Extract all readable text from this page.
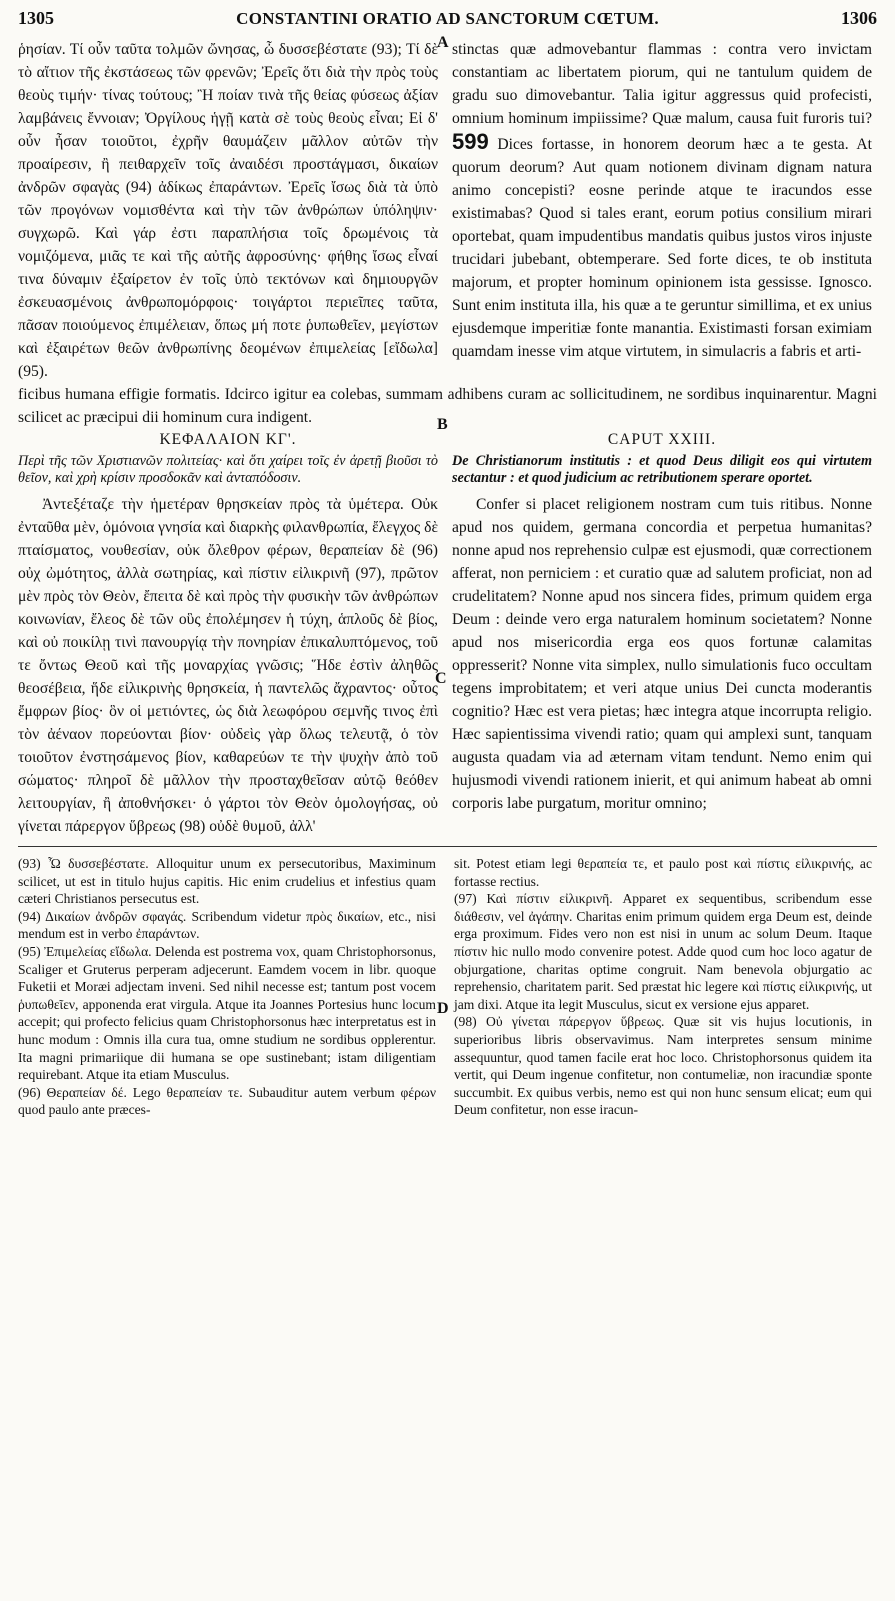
1305	CONSTANTINI ORATIO AD SANCTORUM CŒTUM.	1306
A
B
C
D

ῥησίαν. Τί οὖν ταῦτα τολμῶν ὤνησας, ὦ δυσσεβέστατε (93); Τί δὲ τὸ αἴτιον τῆς ἐκστάσεως τῶν φρενῶν; Ἐρεῖς ὅτι διὰ τὴν πρὸς τοὺς θεοὺς τιμήν· τίνας τούτους; Ἢ ποίαν τινὰ τῆς θείας φύσεως ἀξίαν λαμβάνεις ἔννοιαν; Ὀργίλους ἡγῇ κατὰ σὲ τοὺς θεοὺς εἶναι; Εἰ δ' οὖν ἦσαν τοιοῦτοι, ἐχρῆν θαυμάζειν μᾶλλον αὐτῶν τὴν προαίρεσιν, ἢ πειθαρχεῖν τοῖς ἀναιδέσι προστάγμασι, δικαίων ἀνδρῶν σφαγὰς (94) ἀδίκως ἐπαράντων. Ἐρεῖς ἴσως διὰ τὰ ὑπὸ τῶν προγόνων νομισθέντα καὶ τὴν τῶν ἀνθρώπων ὑπόληψιν· συγχωρῶ. Καὶ γάρ ἐστι παραπλήσια τοῖς δρωμένοις τὰ νομιζόμενα, μιᾶς τε καὶ τῆς αὐτῆς ἀφροσύνης· φήθης ἴσως εἶναί τινα δύναμιν ἐξαίρετον ἐν τοῖς ὑπὸ τεκτόνων καὶ δημιουργῶν ἐσκευασμένοις ἀνθρωπομόρφοις· τοιγάρτοι περιεῖπες ταῦτα, πᾶσαν ποιούμενος ἐπιμέλειαν, ὅπως μή ποτε ῥυπωθεῖεν, μεγίστων καὶ ἐξαιρέτων θεῶν ἀνθρωπίνης δεομένων ἐπιμελείας [εἴδωλα] (95).

stinctas quæ admovebantur flammas : contra vero invictam constantiam ac libertatem piorum, qui ne tantulum quidem de gradu suo dimovebantur. Talia igitur aggressus quid profecisti, omnium hominum impiissime? Quæ malum, causa fuit furoris tui? 599 Dices fortasse, in honorem deorum hæc a te gesta. At quorum deorum? Aut quam notionem divinam dignam natura animo concepisti? eosne perinde atque te iracundos esse existimabas? Quod si tales erant, eorum potius consilium mirari oportebat, quam impudentibus mandatis quibus justos viros injuste trucidari jubebant, obtemperare. Sed forte dices, te ob instituta majorum, et propter hominum opinionem ista gessisse. Ignosco. Sunt enim instituta illa, his quæ a te geruntur simillima, et ex unius ejusdemque imperitiæ fonte manantia. Existimasti forsan eximiam quamdam inesse vim atque virtutem, in simulacris a fabris et arti-

ficibus humana effigie formatis. Idcirco igitur ea colebas, summam adhibens curam ac sollicitudinem, ne sordibus inquinarentur. Magni scilicet ac præcipui dii hominum cura indigent.
ΚΕΦΑΛΑΙΟΝ ΚΓ'.
Περὶ τῆς τῶν Χριστιανῶν πολιτείας· καὶ ὅτι χαίρει τοῖς ἐν ἀρετῇ βιοῦσι τὸ θεῖον, καὶ χρὴ κρίσιν προσδοκᾶν καὶ ἀνταπόδοσιν.

Ἀντεξέταζε τὴν ἡμετέραν θρησκείαν πρὸς τὰ ὑμέτερα. Οὐκ ἐνταῦθα μὲν, ὁμόνοια γνησία καὶ διαρκὴς φιλανθρωπία, ἔλεγχος δὲ πταίσματος, νουθεσίαν, οὐκ ὄλεθρον φέρων, θεραπείαν δὲ (96) οὐχ ὠμότητος, ἀλλὰ σωτηρίας, καὶ πίστιν εἰλικρινῆ (97), πρῶτον μὲν πρὸς τὸν Θεὸν, ἔπειτα δὲ καὶ πρὸς τὴν φυσικὴν τῶν ἀνθρώπων κοινωνίαν, ἔλεος δὲ τῶν οὓς ἐπολέμησεν ἡ τύχη, ἁπλοῦς δὲ βίος, καὶ οὐ ποικίλῃ τινὶ πανουργίᾳ τὴν πονηρίαν ἐπικαλυπτόμενος, τοῦ τε ὄντως Θεοῦ καὶ τῆς μοναρχίας γνῶσις; Ἥδε ἐστὶν ἀληθῶς θεοσέβεια, ἥδε εἰλικρινὴς θρησκεία, ἡ παντελῶς ἄχραντος· οὗτος ἔμφρων βίος· ὃν οἱ μετιόντες, ὡς διὰ λεωφόρου σεμνῆς τινος ἐπὶ τὸν ἀέναον πορεύονται βίον· οὐδεὶς γὰρ ὅλως τελευτᾷ, ὁ τὸν τοιοῦτον ἐνστησάμενος βίον, καθαρεύων τε τὴν ψυχὴν ἀπὸ τοῦ σώματος· πληροῖ δὲ μᾶλλον τὴν προσταχθεῖσαν αὐτῷ θεόθεν λειτουργίαν, ἢ ἀποθνήσκει· ὁ γάρτοι τὸν Θεὸν ὁμολογήσας, οὐ γίνεται πάρεργον ὕβρεως (98) οὐδὲ θυμοῦ, ἀλλ'

CAPUT XXIII.
De Christianorum institutis : et quod Deus diligit eos qui virtutem sectantur : et quod judicium ac retributionem sperare oportet.

Confer si placet religionem nostram cum tuis ritibus. Nonne apud nos quidem, germana concordia et perpetua humanitas? nonne apud nos reprehensio culpæ est ejusmodi, quæ correctionem afferat, non perniciem : et curatio quæ ad salutem proficiat, non ad crudelitatem? Nonne apud nos sincera fides, primum quidem erga Deum : deinde vero erga naturalem hominum societatem? Nonne apud nos misericordia erga eos quos fortunæ calamitas oppresserit? Nonne vita simplex, nullo simulationis fuco occultam tegens improbitatem; et veri atque unius Dei cuncta moderantis cognitio? Hæc est vera pietas; hæc integra atque incorrupta religio. Hæc sapientissima vivendi ratio; quam qui amplexi sunt, tanquam augusta quadam via ad æternam vitam tendunt. Nemo enim qui hujusmodi vivendi rationem inierit, et qui animum habeat ab omni corporis labe purgatum, moritur omnino;

(93) Ὦ δυσσεβέστατε. Alloquitur unum ex persecutoribus, Maximinum scilicet, ut est in titulo hujus capitis. Hic enim crudelius et infestius quam cæteri Christianos persecutus est.

(94) Δικαίων ἀνδρῶν σφαγάς. Scribendum videtur πρὸς δικαίων, etc., nisi mendum est in verbo ἐπαράντων.

(95) Ἐπιμελείας εἴδωλα. Delenda est postrema vox, quam Christophorsonus, Scaliger et Gruterus perperam adjecerunt. Eamdem vocem in libr. quoque Fuketii et Moræi adjectam inveni. Sed nihil necesse est; tantum post vocem ῥυπωθεῖεν, apponenda erat virgula. Atque ita Joannes Portesius hunc locum accepit; qui profecto felicius quam Christophorsonus hæc interpretatus est in hunc modum : Omnis illa cura tua, omne studium ne sordibus opplerentur. Ita magni primariique dii humana se ope sustinebant; istam diligentiam requirebant. Atque ita etiam Musculus.

(96) Θεραπείαν δέ. Lego θεραπείαν τε. Subauditur autem verbum φέρων quod paulo ante præces-

sit. Potest etiam legi θεραπεία τε, et paulo post καὶ πίστις εἰλικρινής, ac fortasse rectius.

(97) Καὶ πίστιν εἰλικρινῆ. Apparet ex sequentibus, scribendum esse διάθεσιν, vel ἀγάπην. Charitas enim primum quidem erga Deum est, deinde erga proximum. Fides vero non est nisi in unum ac solum Deum. Itaque πίστιν hic nullo modo convenire potest. Adde quod cum hoc loco agatur de objurgatione, charitas optime congruit. Nam benevola objurgatio ac reprehensio, charitatem parit. Sed præstat hic legere καὶ πίστις εἰλικρινής, ut jam dixi. Atque ita legit Musculus, sicut ex versione ejus apparet.

(98) Οὐ γίνεται πάρεργον ὕβρεως. Quæ sit vis hujus locutionis, in superioribus libris observavimus. Nam interpretes sensum minime assequuntur, quod tamen facile erat hoc loco. Christophorsonus quidem ita vertit, qui Deum ingenue confitetur, non contumeliæ, non iracundiæ sponte succumbit. Ex quibus verbis, nemo est qui non hunc sensum elicat; eum qui Deum confitetur, non esse iracun-
